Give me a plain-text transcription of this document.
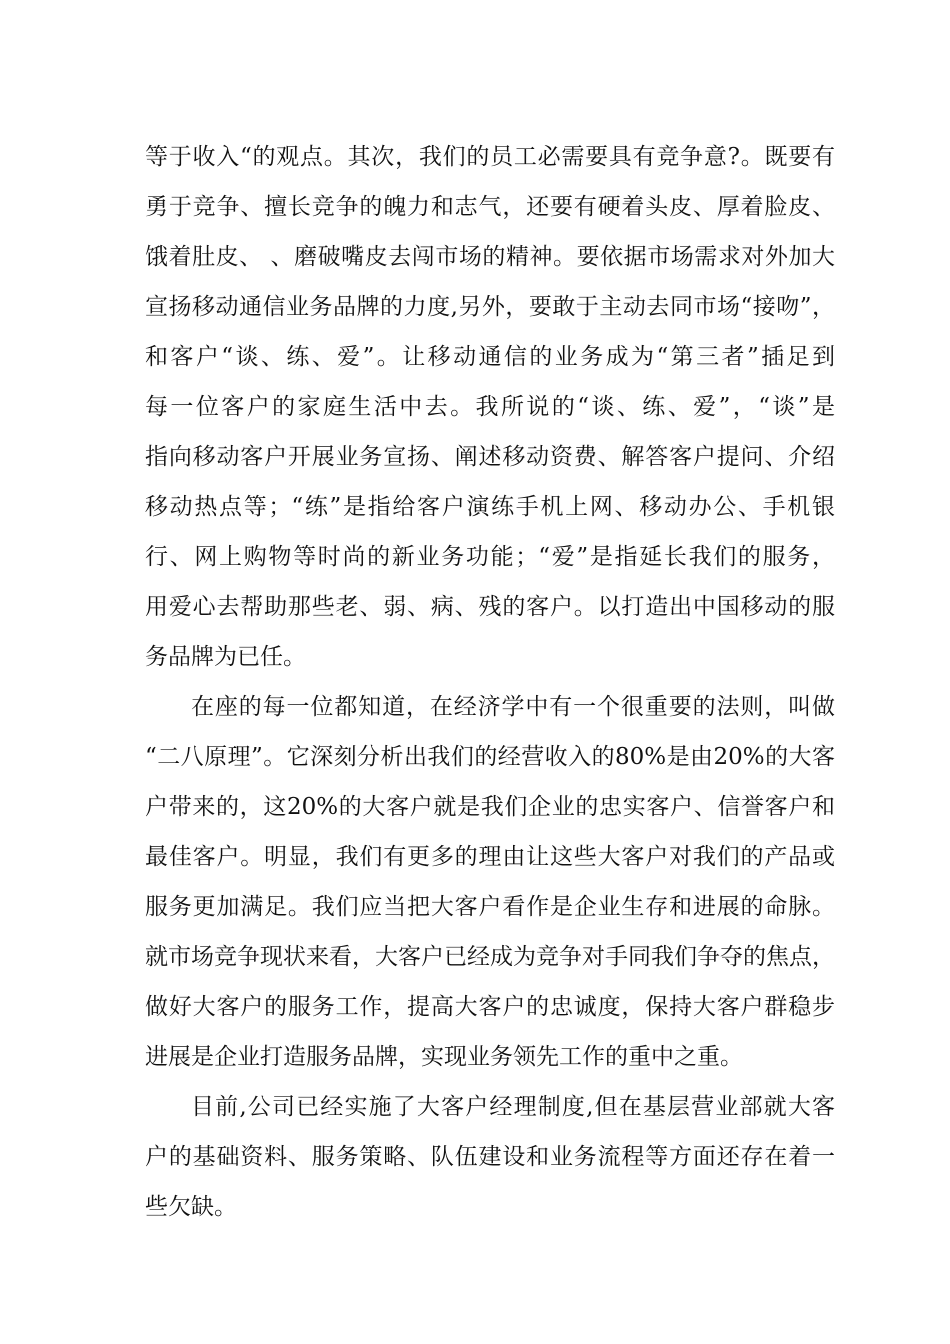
等于收入“的观点。其次，我们的员工必需要具有竞争意?。既要有
勇于竞争、擅长竞争的魄力和志气，还要有硬着头皮、厚着脸皮、
饿着肚皮、 、磨破嘴皮去闯市场的精神。要依据市场需求对外加大
宣扬移动通信业务品牌的力度,另外，要敢于主动去同市场“接吻”，
和客户“谈、练、爱”。让移动通信的业务成为“第三者”插足到
每一位客户的家庭生活中去。我所说的“谈、练、爱”，“谈”是
指向移动客户开展业务宣扬、阐述移动资费、解答客户提问、介绍
移动热点等；“练”是指给客户演练手机上网、移动办公、手机银
行、网上购物等时尚的新业务功能；“爱”是指延长我们的服务，
用爱心去帮助那些老、弱、病、残的客户。以打造出中国移动的服
务品牌为已任。
在座的每一位都知道，在经济学中有一个很重要的法则，叫做
“二八原理”。它深刻分析出我们的经营收入的80%是由20%的大客
户带来的，这20%的大客户就是我们企业的忠实客户、信誉客户和
最佳客户。明显，我们有更多的理由让这些大客户对我们的产品或
服务更加满足。我们应当把大客户看作是企业生存和进展的命脉。
就市场竞争现状来看，大客户已经成为竞争对手同我们争夺的焦点，
做好大客户的服务工作，提高大客户的忠诚度，保持大客户群稳步
进展是企业打造服务品牌，实现业务领先工作的重中之重。
目前,公司已经实施了大客户经理制度,但在基层营业部就大客
户的基础资料、服务策略、队伍建设和业务流程等方面还存在着一
些欠缺。
